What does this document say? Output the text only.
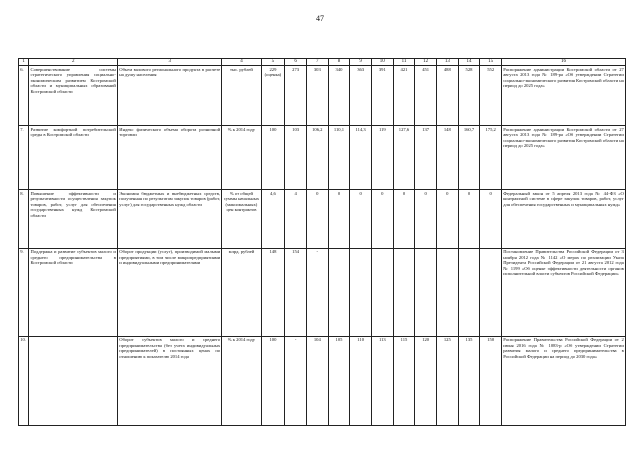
47
1	2	3	4	5	6	7	8	9	10	11	12	13	14	15	16
6.	Совершенствование системы стратегического управления социально-экономическим развитием Костромской области и муниципальных образований Костромской области	Объем валового регионального продукта в расчете на душу населения	тыс. рублей	229 (оценка)	273	303	340	363	391	421	451	488	528	552	Распоряжение администрации Костромской области от 27 августа 2013 года № 189-ра «Об утверждении Стратегии социально-экономического развития Костромской области на период до 2025 года»
7.	Развитие комфортной потребительской среды в Костромской области	Индекс физического объема оборота розничной торговли	% к 2014 году	100	103	106,2	110,1	114,3	119	127,6	137	148	160,7	175,2	Распоряжение администрации Костромской области от 27 августа 2013 года № 189-ра «Об утверждении Стратегии социально-экономического развития Костромской области на период до 2025 года»
8.	Повышение эффективности и результативности осуществления закупок товаров, работ, услуг для обеспечения государственных нужд Костромской области	Экономия бюджетных и внебюджетных средств, полученная по результатам закупок товаров (работ, услуг) для государственных нужд области	% от общей суммы начальных (максимальных) цен контрактов	4,6	4	0	0	0	0	0	0	0	0	0	Федеральный закон от 5 апреля 2013 года № 44-ФЗ «О контрактной системе в сфере закупок товаров, работ, услуг для обеспечения государственных и муниципальных нужд»
9.	Поддержка и развитие субъектов малого и среднего предпринимательства в Костромской области	Оборот продукции (услуг), производимой малыми предприятиями, в том числе микропредприятиями и индивидуальными предпринимателями	млрд. рублей	148	154	-									Постановление Правительства Российской Федерации от 3 ноября 2012 года № 1142 «О мерах по реализации Указа Президента Российской Федерации от 21 августа 2012 года № 1199 «Об оценке эффективности деятельности органов исполнительной власти субъектов Российской Федерации»
10.		Оборот субъектов малого и среднего предпринимательства (без учета индивидуальных предпринимателей) в постоянных ценах по отношению к показателю 2014 года	% к 2014 году	100	-	104	105	110	113	115	120	125	135	150	Распоряжение Правительства Российской Федерации от 2 июня 2016 года № 1083-р «Об утверждении Стратегии развития малого и среднего предпринимательства в Российской Федерации на период до 2030 года»
